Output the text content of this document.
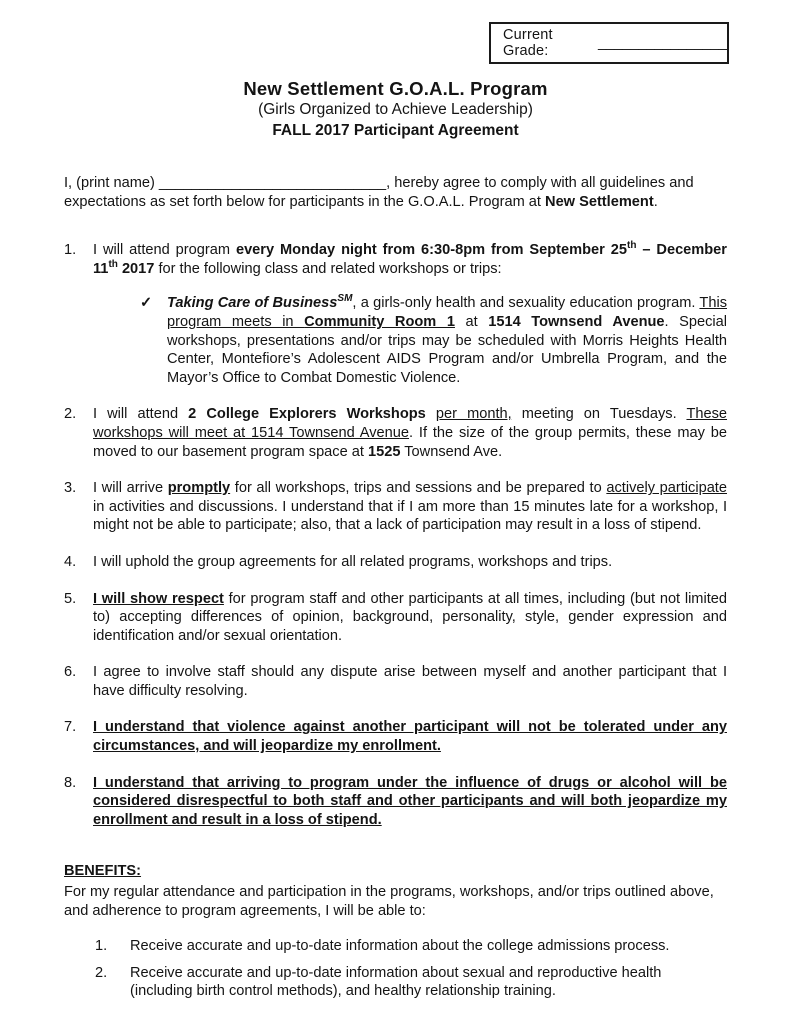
Current Grade:	________________
New Settlement G.O.A.L. Program
(Girls Organized to Achieve Leadership)
FALL 2017 Participant Agreement

I, (print name) ____________________________, hereby agree to comply with all guidelines and expectations as set forth below for participants in the G.O.A.L. Program at New Settlement.

1.	I will attend program every Monday night from 6:30-8pm from September 25th – December 11th 2017 for the following class and related workshops or trips:
✓	Taking Care of Business℠, a girls-only health and sexuality education program. This program meets in Community Room 1 at 1514 Townsend Avenue. Special workshops, presentations and/or trips may be scheduled with Morris Heights Health Center, Montefiore’s Adolescent AIDS Program and/or Umbrella Program, and the Mayor’s Office to Combat Domestic Violence.
2.	I will attend 2 College Explorers Workshops per month, meeting on Tuesdays. These workshops will meet at 1514 Townsend Avenue. If the size of the group permits, these may be moved to our basement program space at 1525 Townsend Ave.
3.	I will arrive promptly for all workshops, trips and sessions and be prepared to actively participate in activities and discussions. I understand that if I am more than 15 minutes late for a workshop, I might not be able to participate; also, that a lack of participation may result in a loss of stipend.
4.	I will uphold the group agreements for all related programs, workshops and trips.
5.	I will show respect for program staff and other participants at all times, including (but not limited to) accepting differences of opinion, background, personality, style, gender expression and identification and/or sexual orientation.
6.	I agree to involve staff should any dispute arise between myself and another participant that I have difficulty resolving.
7.	I understand that violence against another participant will not be tolerated under any circumstances, and will jeopardize my enrollment.
8.	I understand that arriving to program under the influence of drugs or alcohol will be considered disrespectful to both staff and other participants and will both jeopardize my enrollment and result in a loss of stipend.
BENEFITS:

For my regular attendance and participation in the programs, workshops, and/or trips outlined above, and adherence to program agreements, I will be able to:

1.	Receive accurate and up-to-date information about the college admissions process.
2.	Receive accurate and up-to-date information about sexual and reproductive health (including birth control methods), and healthy relationship training.
